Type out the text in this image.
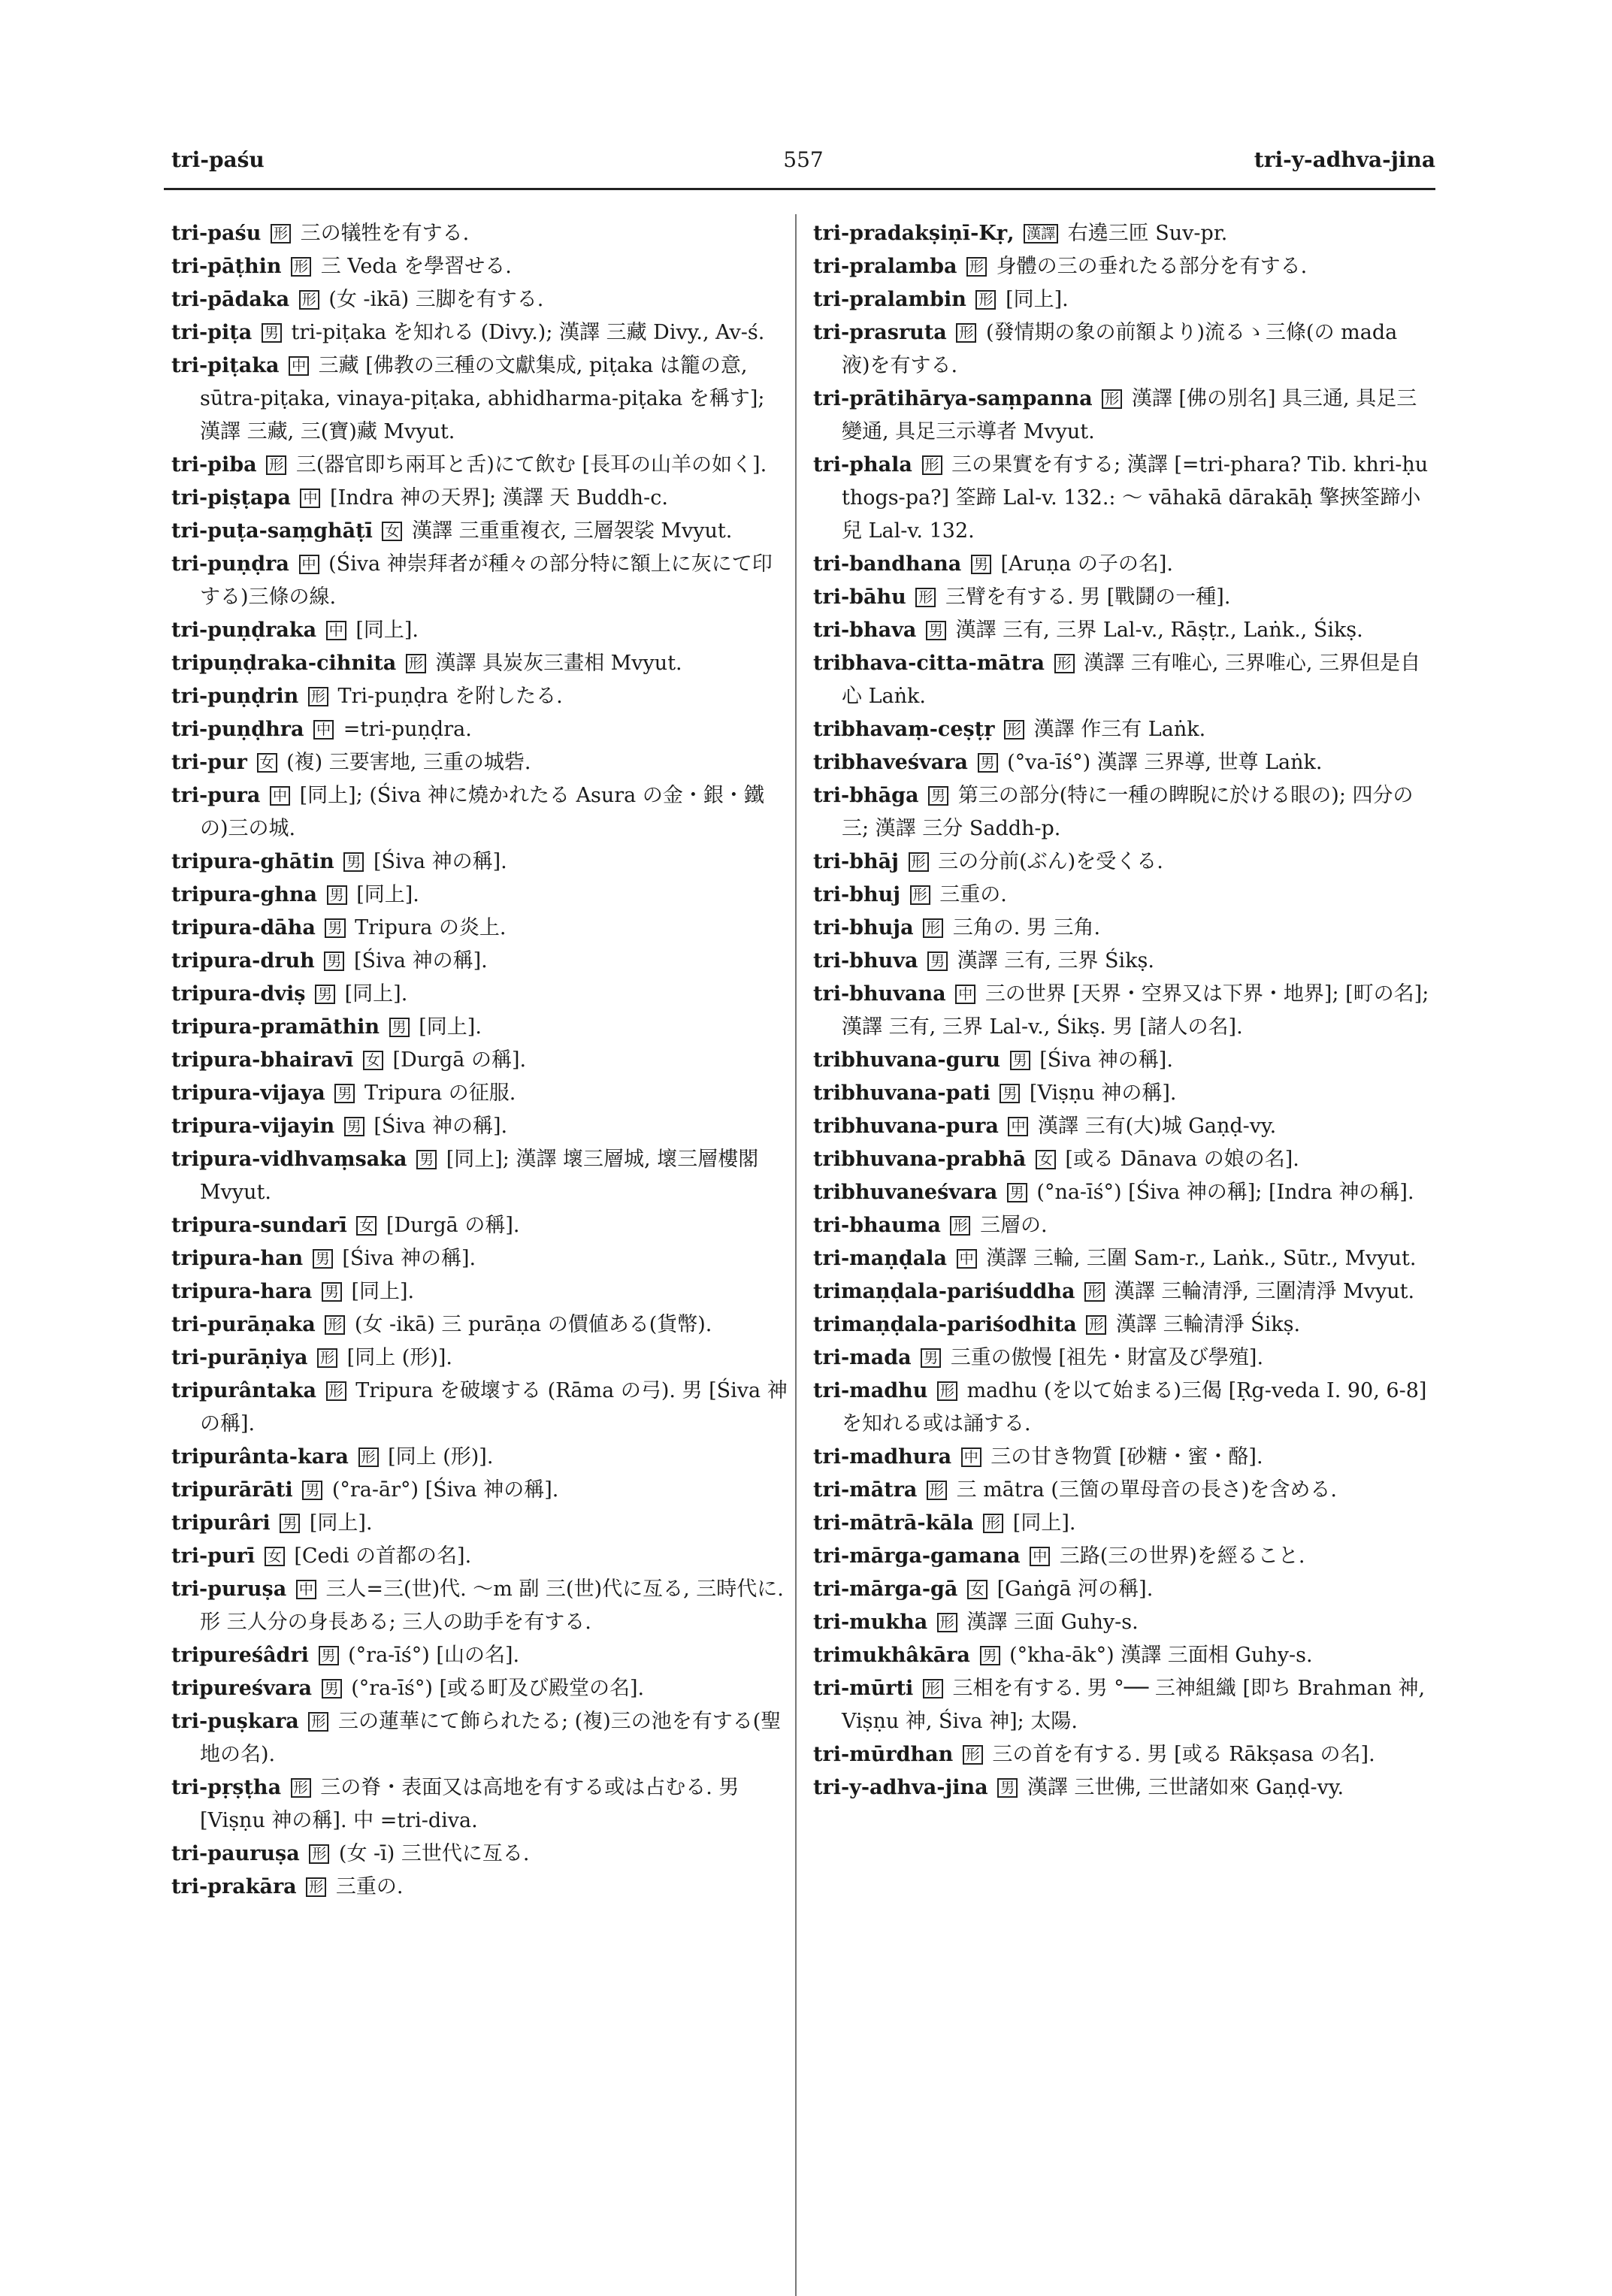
tri-paśu	557	tri-y-adhva-jina

tri-paśu 形 三の犠牲を有する.

tri-pāṭhin 形 三 Veda を學習せる.

tri-pādaka 形 (女 -ikā) 三脚を有する.

tri-piṭa 男 tri-piṭaka を知れる (Divy.); 漢譯 三藏 Divy., Av-ś.

tri-piṭaka 中 三藏 [佛教の三種の文獻集成, piṭaka は籠の意, sūtra-piṭaka, vinaya-piṭaka, abhidharma-piṭaka を稱す]; 漢譯 三藏, 三(寶)藏 Mvyut.

tri-piba 形 三(器官即ち兩耳と舌)にて飲む [長耳の山羊の如く].

tri-piṣṭapa 中 [Indra 神の天界]; 漢譯 天 Buddh-c.

tri-puṭa-saṃghāṭī 女 漢譯 三重重複衣, 三層袈裟 Mvyut.

tri-puṇḍra 中 (Śiva 神崇拜者が種々の部分特に額上に灰にて印する)三條の線.

tri-puṇḍraka 中 [同上].

tripuṇḍraka-cihnita 形 漢譯 具炭灰三畫相 Mvyut.

tri-puṇḍrin 形 Tri-puṇḍra を附したる.

tri-puṇḍhra 中 =tri-puṇḍra.

tri-pur 女 (複) 三要害地, 三重の城砦.

tri-pura 中 [同上]; (Śiva 神に燒かれたる Asura の金・銀・鐵の)三の城.

tripura-ghātin 男 [Śiva 神の稱].

tripura-ghna 男 [同上].

tripura-dāha 男 Tripura の炎上.

tripura-druh 男 [Śiva 神の稱].

tripura-dviṣ 男 [同上].

tripura-pramāthin 男 [同上].

tripura-bhairavī 女 [Durgā の稱].

tripura-vijaya 男 Tripura の征服.

tripura-vijayin 男 [Śiva 神の稱].

tripura-vidhvaṃsaka 男 [同上]; 漢譯 壞三層城, 壞三層樓閣 Mvyut.

tripura-sundarī 女 [Durgā の稱].

tripura-han 男 [Śiva 神の稱].

tripura-hara 男 [同上].

tri-purāṇaka 形 (女 -ikā) 三 purāṇa の價値ある(貨幣).

tri-purāṇiya 形 [同上 (形)].

tripurântaka 形 Tripura を破壞する (Rāma の弓). 男 [Śiva 神の稱].

tripurânta-kara 形 [同上 (形)].

tripurārāti 男 (°ra-ār°) [Śiva 神の稱].

tripurâri 男 [同上].

tri-purī 女 [Cedi の首都の名].

tri-puruṣa 中 三人=三(世)代. 〜m 副 三(世)代に亙る, 三時代に. 形 三人分の身長ある; 三人の助手を有する.

tripureśâdri 男 (°ra-īś°) [山の名].

tripureśvara 男 (°ra-īś°) [或る町及び殿堂の名].

tri-puṣkara 形 三の蓮華にて飾られたる; (複)三の池を有する(聖地の名).

tri-pṛṣṭha 形 三の脊・表面又は高地を有する或は占むる. 男 [Viṣṇu 神の稱]. 中 =tri-diva.

tri-pauruṣa 形 (女 -ī) 三世代に亙る.

tri-prakāra 形 三重の.

tri-pradakṣiṇī-Kṛ, 漢譯 右遶三匝 Suv-pr.

tri-pralamba 形 身體の三の垂れたる部分を有する.

tri-pralambin 形 [同上].

tri-prasruta 形 (發情期の象の前額より)流るゝ三條(の mada 液)を有する.

tri-prātihārya-saṃpanna 形 漢譯 [佛の別名] 具三通, 具足三變通, 具足三示導者 Mvyut.

tri-phala 形 三の果實を有する; 漢譯 [=tri-phara? Tib. khri-ḥu thogs-pa?] 筌蹄 Lal-v. 132.: 〜 vāhakā dārakāḥ 擎挾筌蹄小兒 Lal-v. 132.

tri-bandhana 男 [Aruṇa の子の名].

tri-bāhu 形 三臂を有する. 男 [戰鬪の一種].

tri-bhava 男 漢譯 三有, 三界 Lal-v., Rāṣṭr., Laṅk., Śikṣ.

tribhava-citta-mātra 形 漢譯 三有唯心, 三界唯心, 三界但是自心 Laṅk.

tribhavaṃ-ceṣṭṛ 形 漢譯 作三有 Laṅk.

tribhaveśvara 男 (°va-īś°) 漢譯 三界導, 世尊 Laṅk.

tri-bhāga 男 第三の部分(特に一種の睥睨に於ける眼の); 四分の三; 漢譯 三分 Saddh-p.

tri-bhāj 形 三の分前(ぶん)を受くる.

tri-bhuj 形 三重の.

tri-bhuja 形 三角の. 男 三角.

tri-bhuva 男 漢譯 三有, 三界 Śikṣ.

tri-bhuvana 中 三の世界 [天界・空界又は下界・地界]; [町の名]; 漢譯 三有, 三界 Lal-v., Śikṣ. 男 [諸人の名].

tribhuvana-guru 男 [Śiva 神の稱].

tribhuvana-pati 男 [Viṣṇu 神の稱].

tribhuvana-pura 中 漢譯 三有(大)城 Gaṇḍ-vy.

tribhuvana-prabhā 女 [或る Dānava の娘の名].

tribhuvaneśvara 男 (°na-īś°) [Śiva 神の稱]; [Indra 神の稱].

tri-bhauma 形 三層の.

tri-maṇḍala 中 漢譯 三輪, 三圍 Sam-r., Laṅk., Sūtr., Mvyut.

trimaṇḍala-pariśuddha 形 漢譯 三輪清淨, 三圍清淨 Mvyut.

trimaṇḍala-pariśodhita 形 漢譯 三輪清淨 Śikṣ.

tri-mada 男 三重の傲慢 [祖先・財富及び學殖].

tri-madhu 形 madhu (を以て始まる)三偈 [Ṛg-veda I. 90, 6-8] を知れる或は誦する.

tri-madhura 中 三の甘き物質 [砂糖・蜜・酪].

tri-mātra 形 三 mātra (三箇の單母音の長さ)を含める.

tri-mātrā-kāla 形 [同上].

tri-mārga-gamana 中 三路(三の世界)を經ること.

tri-mārga-gā 女 [Gaṅgā 河の稱].

tri-mukha 形 漢譯 三面 Guhy-s.

trimukhâkāra 男 (°kha-āk°) 漢譯 三面相 Guhy-s.

tri-mūrti 形 三相を有する. 男 °── 三神組織 [即ち Brahman 神, Viṣṇu 神, Śiva 神]; 太陽.

tri-mūrdhan 形 三の首を有する. 男 [或る Rākṣasa の名].

tri-y-adhva-jina 男 漢譯 三世佛, 三世諸如來 Gaṇḍ-vy.
